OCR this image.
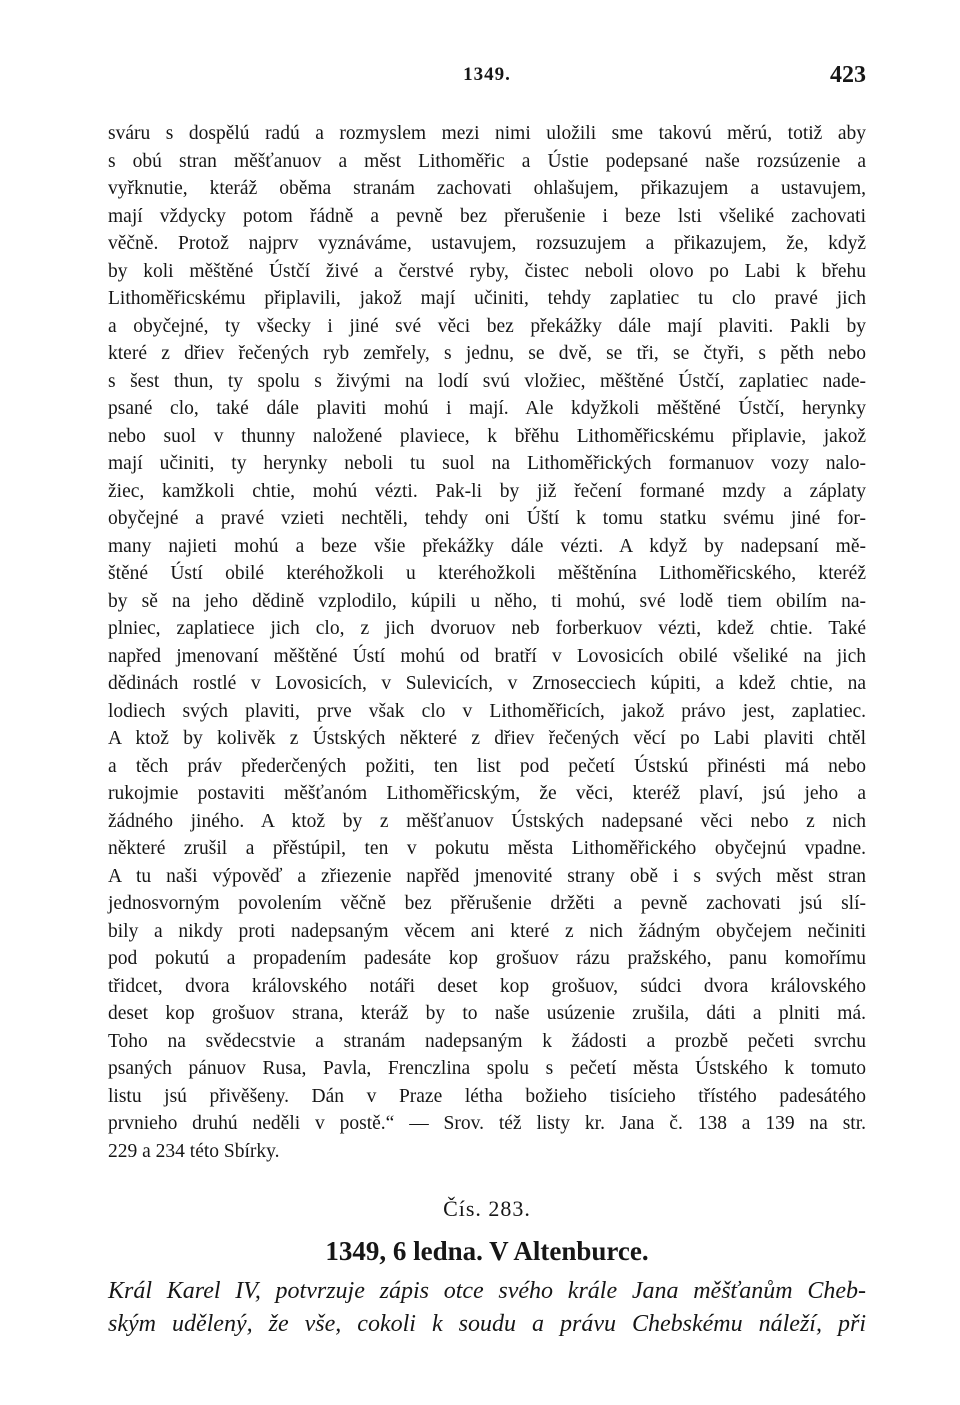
1349.	423
sváru s dospělú radú a rozmyslem mezi nimi uložili sme takovú měrú, totiž aby
s obú stran měšťanuov a měst Lithoměřic a Ústie podepsané naše rozsúzenie a
vyřknutie, kteráž oběma stranám zachovati ohlašujem, přikazujem a ustavujem,
mají vždycky potom řádně a pevně bez přerušenie i beze lsti všeliké zachovati
věčně. Protož najprv vyznáváme, ustavujem, rozsuzujem a přikazujem, že, když
by koli měštěné Ústčí živé a čerstvé ryby, čistec neboli olovo po Labi k břehu
Lithoměřicskému připlavili, jakož mají učiniti, tehdy zaplatiec tu clo pravé jich
a obyčejné, ty všecky i jiné své věci bez překážky dále mají plaviti. Pakli by
které z dřiev řečených ryb zemřely, s jednu, se dvě, se tři, se čtyři, s pěth nebo
s šest thun, ty spolu s živými na lodí svú vložiec, měštěné Ústčí, zaplatiec nade-
psané clo, také dále plaviti mohú i mají. Ale kdyžkoli měštěné Ústčí, herynky
nebo suol v thunny naložené plaviece, k břěhu Lithoměřicskému připlavie, jakož
mají učiniti, ty herynky neboli tu suol na Lithoměřických formanuov vozy nalo-
žiec, kamžkoli chtie, mohú vézti. Pak-li by již řečení formané mzdy a záplaty
obyčejné a pravé vzieti nechtěli, tehdy oni Úští k tomu statku svému jiné for-
many najieti mohú a beze všie překážky dále vézti. A když by nadepsaní mě-
štěné Ústí obilé kteréhožkoli u kteréhožkoli měštěnína Lithoměřicského, kteréž
by sě na jeho dědině vzplodilo, kúpili u něho, ti mohú, své lodě tiem obilím na-
plniec, zaplatiece jich clo, z jich dvoruov neb forberkuov vézti, kdež chtie. Také
napřed jmenovaní měštěné Ústí mohú od bratří v Lovosicích obilé všeliké na jich
dědinách rostlé v Lovosicích, v Sulevicích, v Zrnosecciech kúpiti, a kdež chtie, na
lodiech svých plaviti, prve však clo v Lithoměřicích, jakož právo jest, zaplatiec.
A ktož by kolivěk z Ústských některé z dřiev řečených věcí po Labi plaviti chtěl
a těch práv přederčených požiti, ten list pod pečetí Ústskú přinésti má nebo
rukojmie postaviti měšťanóm Lithoměřicským, že věci, kteréž plaví, jsú jeho a
žádného jiného. A ktož by z měšťanuov Ústských nadepsané věci nebo z nich
některé zrušil a přěstúpil, ten v pokutu města Lithoměřického obyčejnú vpadne.
A tu naši výpověď a zřiezenie napřěd jmenovité strany obě i s svých měst stran
jednosvorným povolením věčně bez přěrušenie držěti a pevně zachovati jsú slí-
bily a nikdy proti nadepsaným věcem ani které z nich žádným obyčejem nečiniti
pod pokutú a propadením padesáte kop grošuov rázu pražského, panu komořímu
třidcet, dvora královského notáři deset kop grošuov, súdci dvora královského
deset kop grošuov strana, kteráž by to naše usúzenie zrušila, dáti a plniti má.
Toho na svědecstvie a stranám nadepsaným k žádosti a prozbě pečeti svrchu
psaných pánuov Rusa, Pavla, Frenczlina spolu s pečetí města Ústského k tomuto
listu jsú přivěšeny. Dán v Praze létha božieho tisícieho třístého padesátého
prvnieho druhú neděli v postě.“ — Srov. též listy kr. Jana č. 138 a 139 na str.
229 a 234 této Sbírky.
Čís. 283.
1349, 6 ledna. V Altenburce.
Král Karel IV, potvrzuje zápis otce svého krále Jana měšťanům Cheb-
ským udělený, že vše, cokoli k soudu a právu Chebskému náleží, při
